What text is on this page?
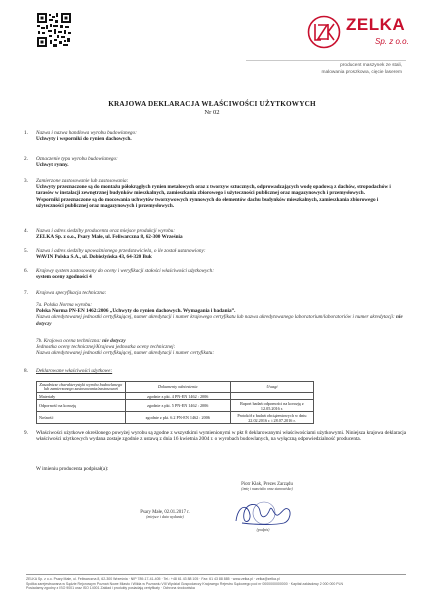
ZELKA
Sp. z o.o.
producent maszynek ze stali,
malowania proszkowa, cięcie laserem
KRAJOWA DEKLARACJA WŁAŚCIWOŚCI UŻYTKOWYCH
Nr 02
1.	Nazwa i nazwa handlowa wyrobu budowlanego:
Uchwyty i wsporniki do rynien dachowych.
2.	Oznaczenie typu wyrobu budowlanego:
Uchwyt rynny.
3.	Zamierzone zastosowanie lub zastosowania:
Uchwyty przeznaczone są do montażu półokrągłych rynien metalowych oraz z tworzyw sztucznych, odprowadzających wodę opadową z dachów, stropodachów i tarasów w instalacji zewnętrznej budynków mieszkalnych, zamieszkania zbiorowego i użyteczności publicznej oraz magazynowych i przemysłowych.
Wsporniki przeznaczone są do mocowania uchwytów tworzywowych rynnowych do elementów dachu budynków mieszkalnych, zamieszkania zbiorowego i użyteczności publicznej oraz magazynowych i przemysłowych.
4.	Nazwa i adres siedziby producenta oraz miejsce produkcji wyrobu:
ZELKA Sp. z o.o., Psary Małe, ul. Feliwarczna 8, 62-300 Września
5.	Nazwa i adres siedziby upoważnionego przedstawiciela, o ile został ustanowiony:
WAVIN Polska S.A., ul. Dobieżyńska 43, 64-320 Buk
6.	Krajowy system zastosowany do oceny i weryfikacji stałości właściwości użytkowych:
system oceny zgodności 4
7.	Krajowa specyfikacja techniczna:
7a. Polska Norma wyrobu:
Polska Norma PN-EN 1462:2006 „Uchwyty do rynien dachowych. Wymagania i badania”.
Nazwa akredytowanej jednostki certyfikującej, numer akredytacji i numer krajowego certyfikatu lub nazwa akredytowanego laboratorium/laboratoriów i numer akredytacji: nie dotyczy
7b. Krajowa ocena techniczna: nie dotyczy
Jednostka oceny technicznej/Krajowa jednostka oceny technicznej:
Nazwa akredytowanej jednostki certyfikującej, numer akredytacji i numer certyfikatu:
8.	Deklarowane właściwości użytkowe:
Zasadnicze charakterystyki wyrobu budowlanego lub zamierzonego zastosowania/zastosowań	Dokumenty odniesienia	Uwagi
Materiały	zgodnie z pkt. 4 PN-EN 1462 : 2006	
Odporność na korozję	zgodnie z pkt. 5 PN-EN 1462 : 2006	Raport badań odporności na korozję z 12.05.2016 r.
Nośność	zgodnie z pkt. 6.2 PN-EN 1462 : 2006	Protokół z badań obciążeniowych w dniu 22.02.2016 r. i 28.07.2016 r.
9.	Właściwości użytkowe określonego powyżej wyrobu są zgodne z wszystkimi wymienionymi w pkt 8 deklarowanymi właściwościami użytkowymi. Niniejsza krajowa deklaracja właściwości użytkowych wydana zostaje zgodnie z ustawą z dnia 16 kwietnia 2004 r. o wyrobach budowlanych, na wyłączną odpowiedzialność producenta.
W imieniu producenta podpisał(a):
Piotr Kłak, Prezes Zarządu
(imię i nazwisko oraz stanowisko)
Psary Małe, 02.01.2017 r.
(miejsce i data wydania)
(podpis)
ZELKA Sp. z o.o. Psary Małe, ul. Feliwarczna 8, 62-300 Września · NIP 789-17-41-405 · Tel.: +48 61 43 88 105 · Fax: 61 43 88 885 · www.zelka.pl · zelka@zelka.pl
Spółka zarejestrowana w Sądzie Rejonowym Poznań Nowe Miasto i Wilda w Poznaniu VIII Wydział Gospodarczy Krajowego Rejestru Sądowego pod nr 0000000000000 · Kapitał zakładowy 2 000 000 PLN
Posiadamy zgodny z ISO 9001 oraz ISO 14001 Zakład i produkty posiadają certyfikaty · Ochrona środowiska
